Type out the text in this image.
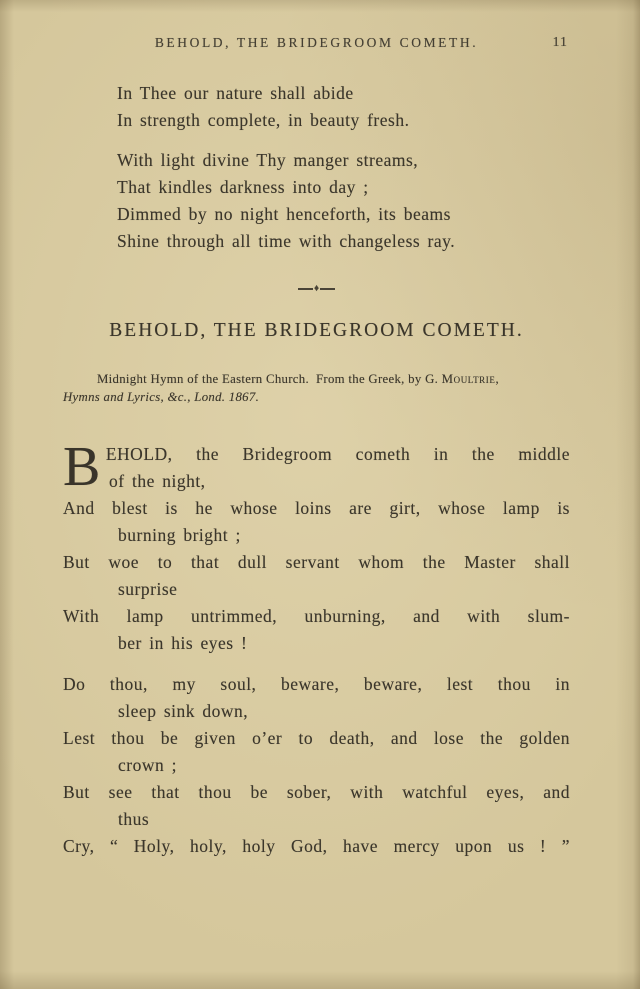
BEHOLD, THE BRIDEGROOM COMETH.	11
In Thee our nature shall abide
In strength complete, in beauty fresh.
With light divine Thy manger streams,
That kindles darkness into day ;
Dimmed by no night henceforth, its beams
Shine through all time with changeless ray.
♦
BEHOLD, THE BRIDEGROOM COMETH.
Midnight Hymn of the Eastern Church.  From the Greek, by G. Moultrie,
Hymns and Lyrics, &c., Lond. 1867.
B EHOLD, the Bridegroom cometh in the middle
of the night,
And blest is he whose loins are girt, whose lamp is
burning bright ;
But woe to that dull servant whom the Master shall
surprise
With lamp untrimmed, unburning, and with slum-
ber in his eyes !
Do thou, my soul, beware, beware, lest thou in
sleep sink down,
Lest thou be given o’er to death, and lose the golden
crown ;
But see that thou be sober, with watchful eyes, and
thus
Cry, “ Holy, holy, holy God, have mercy upon us ! ”
